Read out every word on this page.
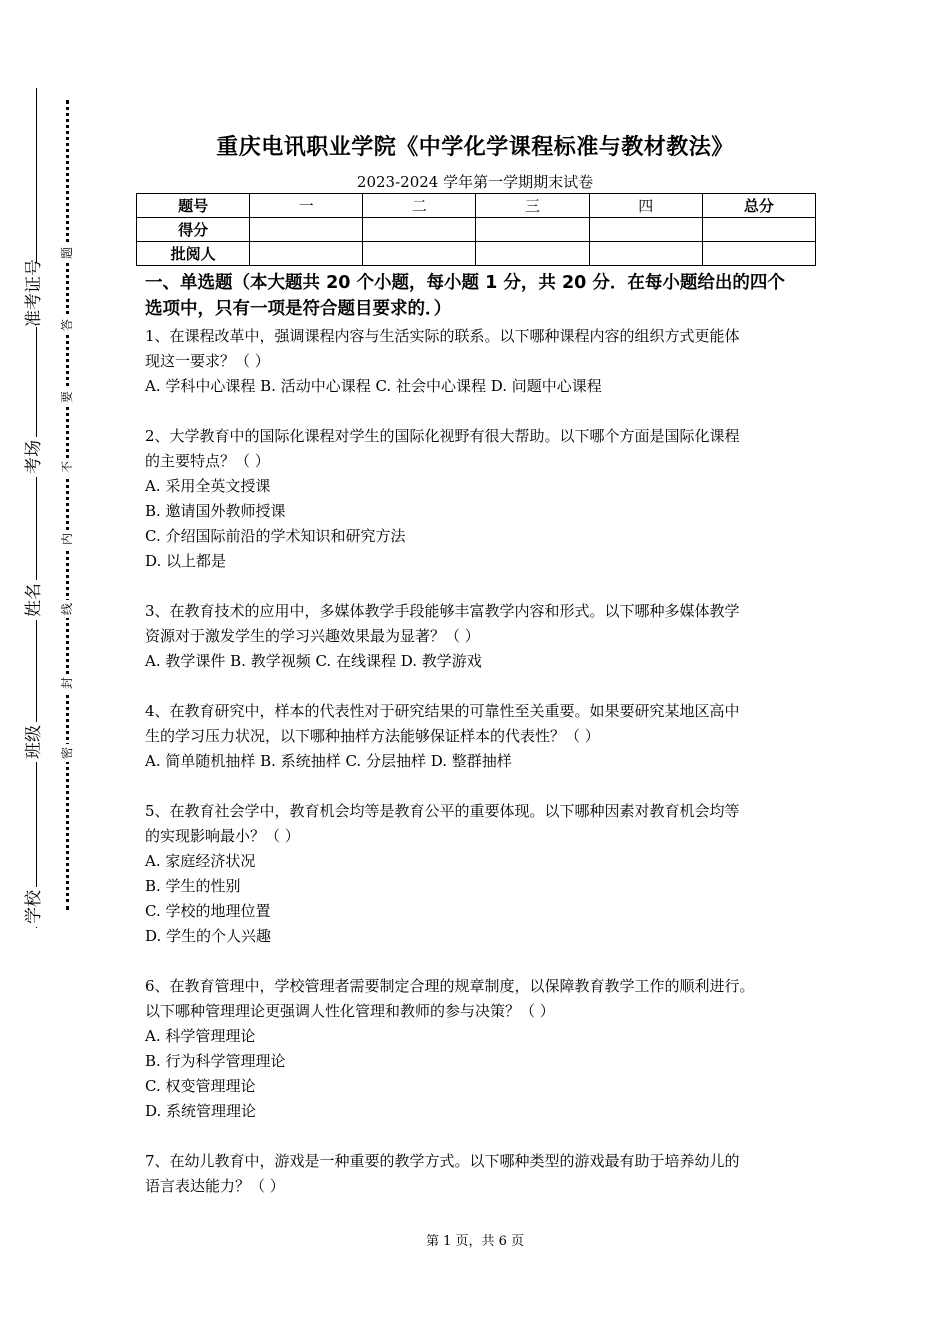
学校
班级
姓名
考场
准考证号
密
封
线
内
不
要
答
题
重庆电讯职业学院《中学化学课程标准与教材教法》
2023-2024 学年第一学期期末试卷
题号	一	二	三	四	总分
得分					
批阅人					
一、单选题（本大题共 20 个小题，每小题 1 分，共 20 分．在每小题给出的四个
选项中，只有一项是符合题目要求的．）
1、在课程改革中，强调课程内容与生活实际的联系。以下哪种课程内容的组织方式更能体
现这一要求？（ ）
A. 学科中心课程 B. 活动中心课程 C. 社会中心课程 D. 问题中心课程
2、大学教育中的国际化课程对学生的国际化视野有很大帮助。以下哪个方面是国际化课程
的主要特点？（ ）
A. 采用全英文授课
B. 邀请国外教师授课
C. 介绍国际前沿的学术知识和研究方法
D. 以上都是
3、在教育技术的应用中，多媒体教学手段能够丰富教学内容和形式。以下哪种多媒体教学
资源对于激发学生的学习兴趣效果最为显著？（ ）
A. 教学课件 B. 教学视频 C. 在线课程 D. 教学游戏
4、在教育研究中，样本的代表性对于研究结果的可靠性至关重要。如果要研究某地区高中
生的学习压力状况，以下哪种抽样方法能够保证样本的代表性？（ ）
A. 简单随机抽样 B. 系统抽样 C. 分层抽样 D. 整群抽样
5、在教育社会学中，教育机会均等是教育公平的重要体现。以下哪种因素对教育机会均等
的实现影响最小？（ ）
A. 家庭经济状况
B. 学生的性别
C. 学校的地理位置
D. 学生的个人兴趣
6、在教育管理中，学校管理者需要制定合理的规章制度，以保障教育教学工作的顺利进行。
以下哪种管理理论更强调人性化管理和教师的参与决策？（ ）
A. 科学管理理论
B. 行为科学管理理论
C. 权变管理理论
D. 系统管理理论
7、在幼儿教育中，游戏是一种重要的教学方式。以下哪种类型的游戏最有助于培养幼儿的
语言表达能力？（ ）
第 1 页，共 6 页
